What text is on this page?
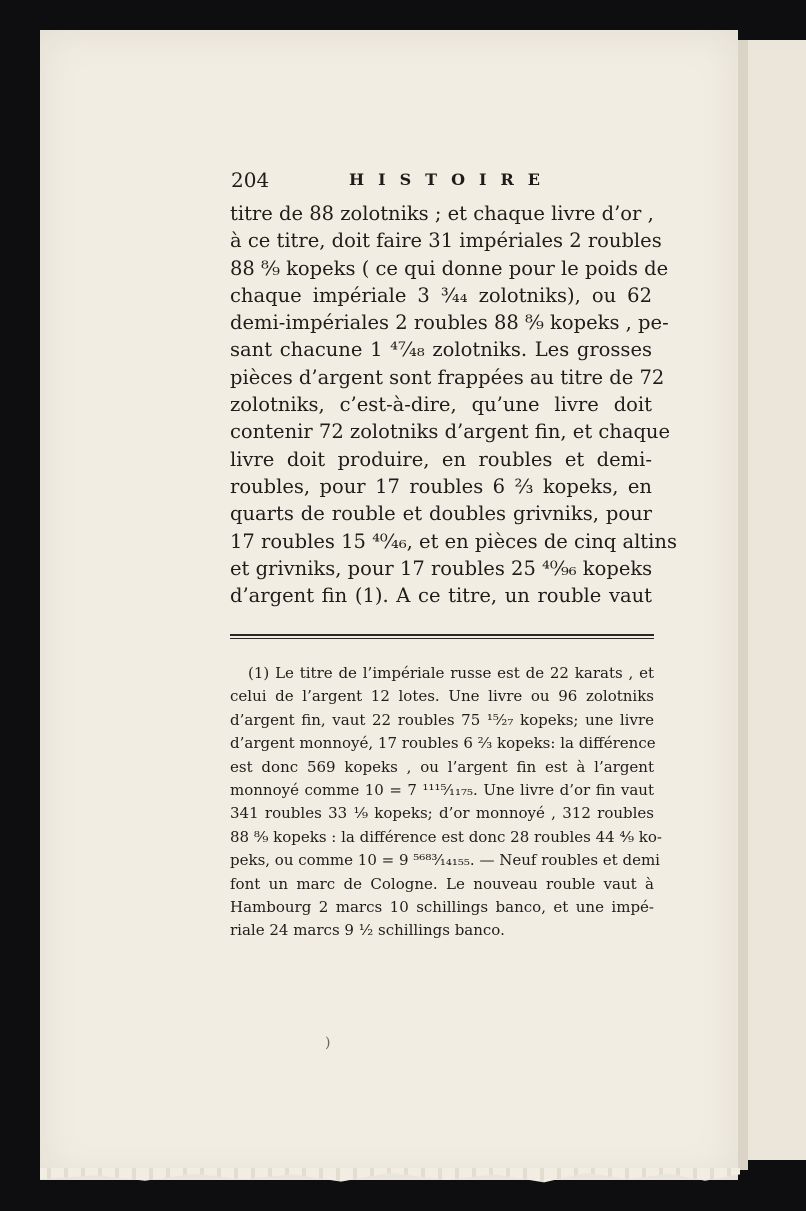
204	HISTOIRE
titre de 88 zolotniks ; et chaque livre d’or ,
à ce titre, doit faire 31 impériales 2 roubles
88 ⁸⁄₉ kopeks ( ce qui donne pour le poids de
chaque impériale 3 ³⁄₄₄ zolotniks), ou 62
demi-impériales 2 roubles 88 ⁸⁄₉ kopeks , pe-
sant chacune 1 ⁴⁷⁄₄₈ zolotniks. Les grosses
pièces d’argent sont frappées au titre de 72
zolotniks, c’est-à-dire, qu’une livre doit
contenir 72 zolotniks d’argent fin, et chaque
livre doit produire, en roubles et demi-
roubles, pour 17 roubles 6 ²⁄₃ kopeks, en
quarts de rouble et doubles grivniks, pour
17 roubles 15 ⁴⁰⁄₄₆, et en pièces de cinq altins
et grivniks, pour 17 roubles 25 ⁴⁰⁄₉₆ kopeks
d’argent fin (1). A ce titre, un rouble vaut
(1) Le titre de l’impériale russe est de 22 karats , et
celui de l’argent 12 lotes. Une livre ou 96 zolotniks
d’argent fin, vaut 22 roubles 75 ¹⁵⁄₂₇ kopeks; une livre
d’argent monnoyé, 17 roubles 6 ²⁄₃ kopeks: la différence
est donc 569 kopeks , ou l’argent fin est à l’argent
monnoyé comme 10 = 7 ¹¹¹⁵⁄₁₁₇₅. Une livre d’or fin vaut
341 roubles 33 ¹⁄₉ kopeks; d’or monnoyé , 312 roubles
88 ⁸⁄₉ kopeks : la différence est donc 28 roubles 44 ⁴⁄₉ ko-
peks, ou comme 10 = 9 ⁵⁶⁸³⁄₁₄₁₅₅. — Neuf roubles et demi
font un marc de Cologne. Le nouveau rouble vaut à
Hambourg 2 marcs 10 schillings banco, et une impé-
riale 24 marcs 9 ¹⁄₂ schillings banco.
)
